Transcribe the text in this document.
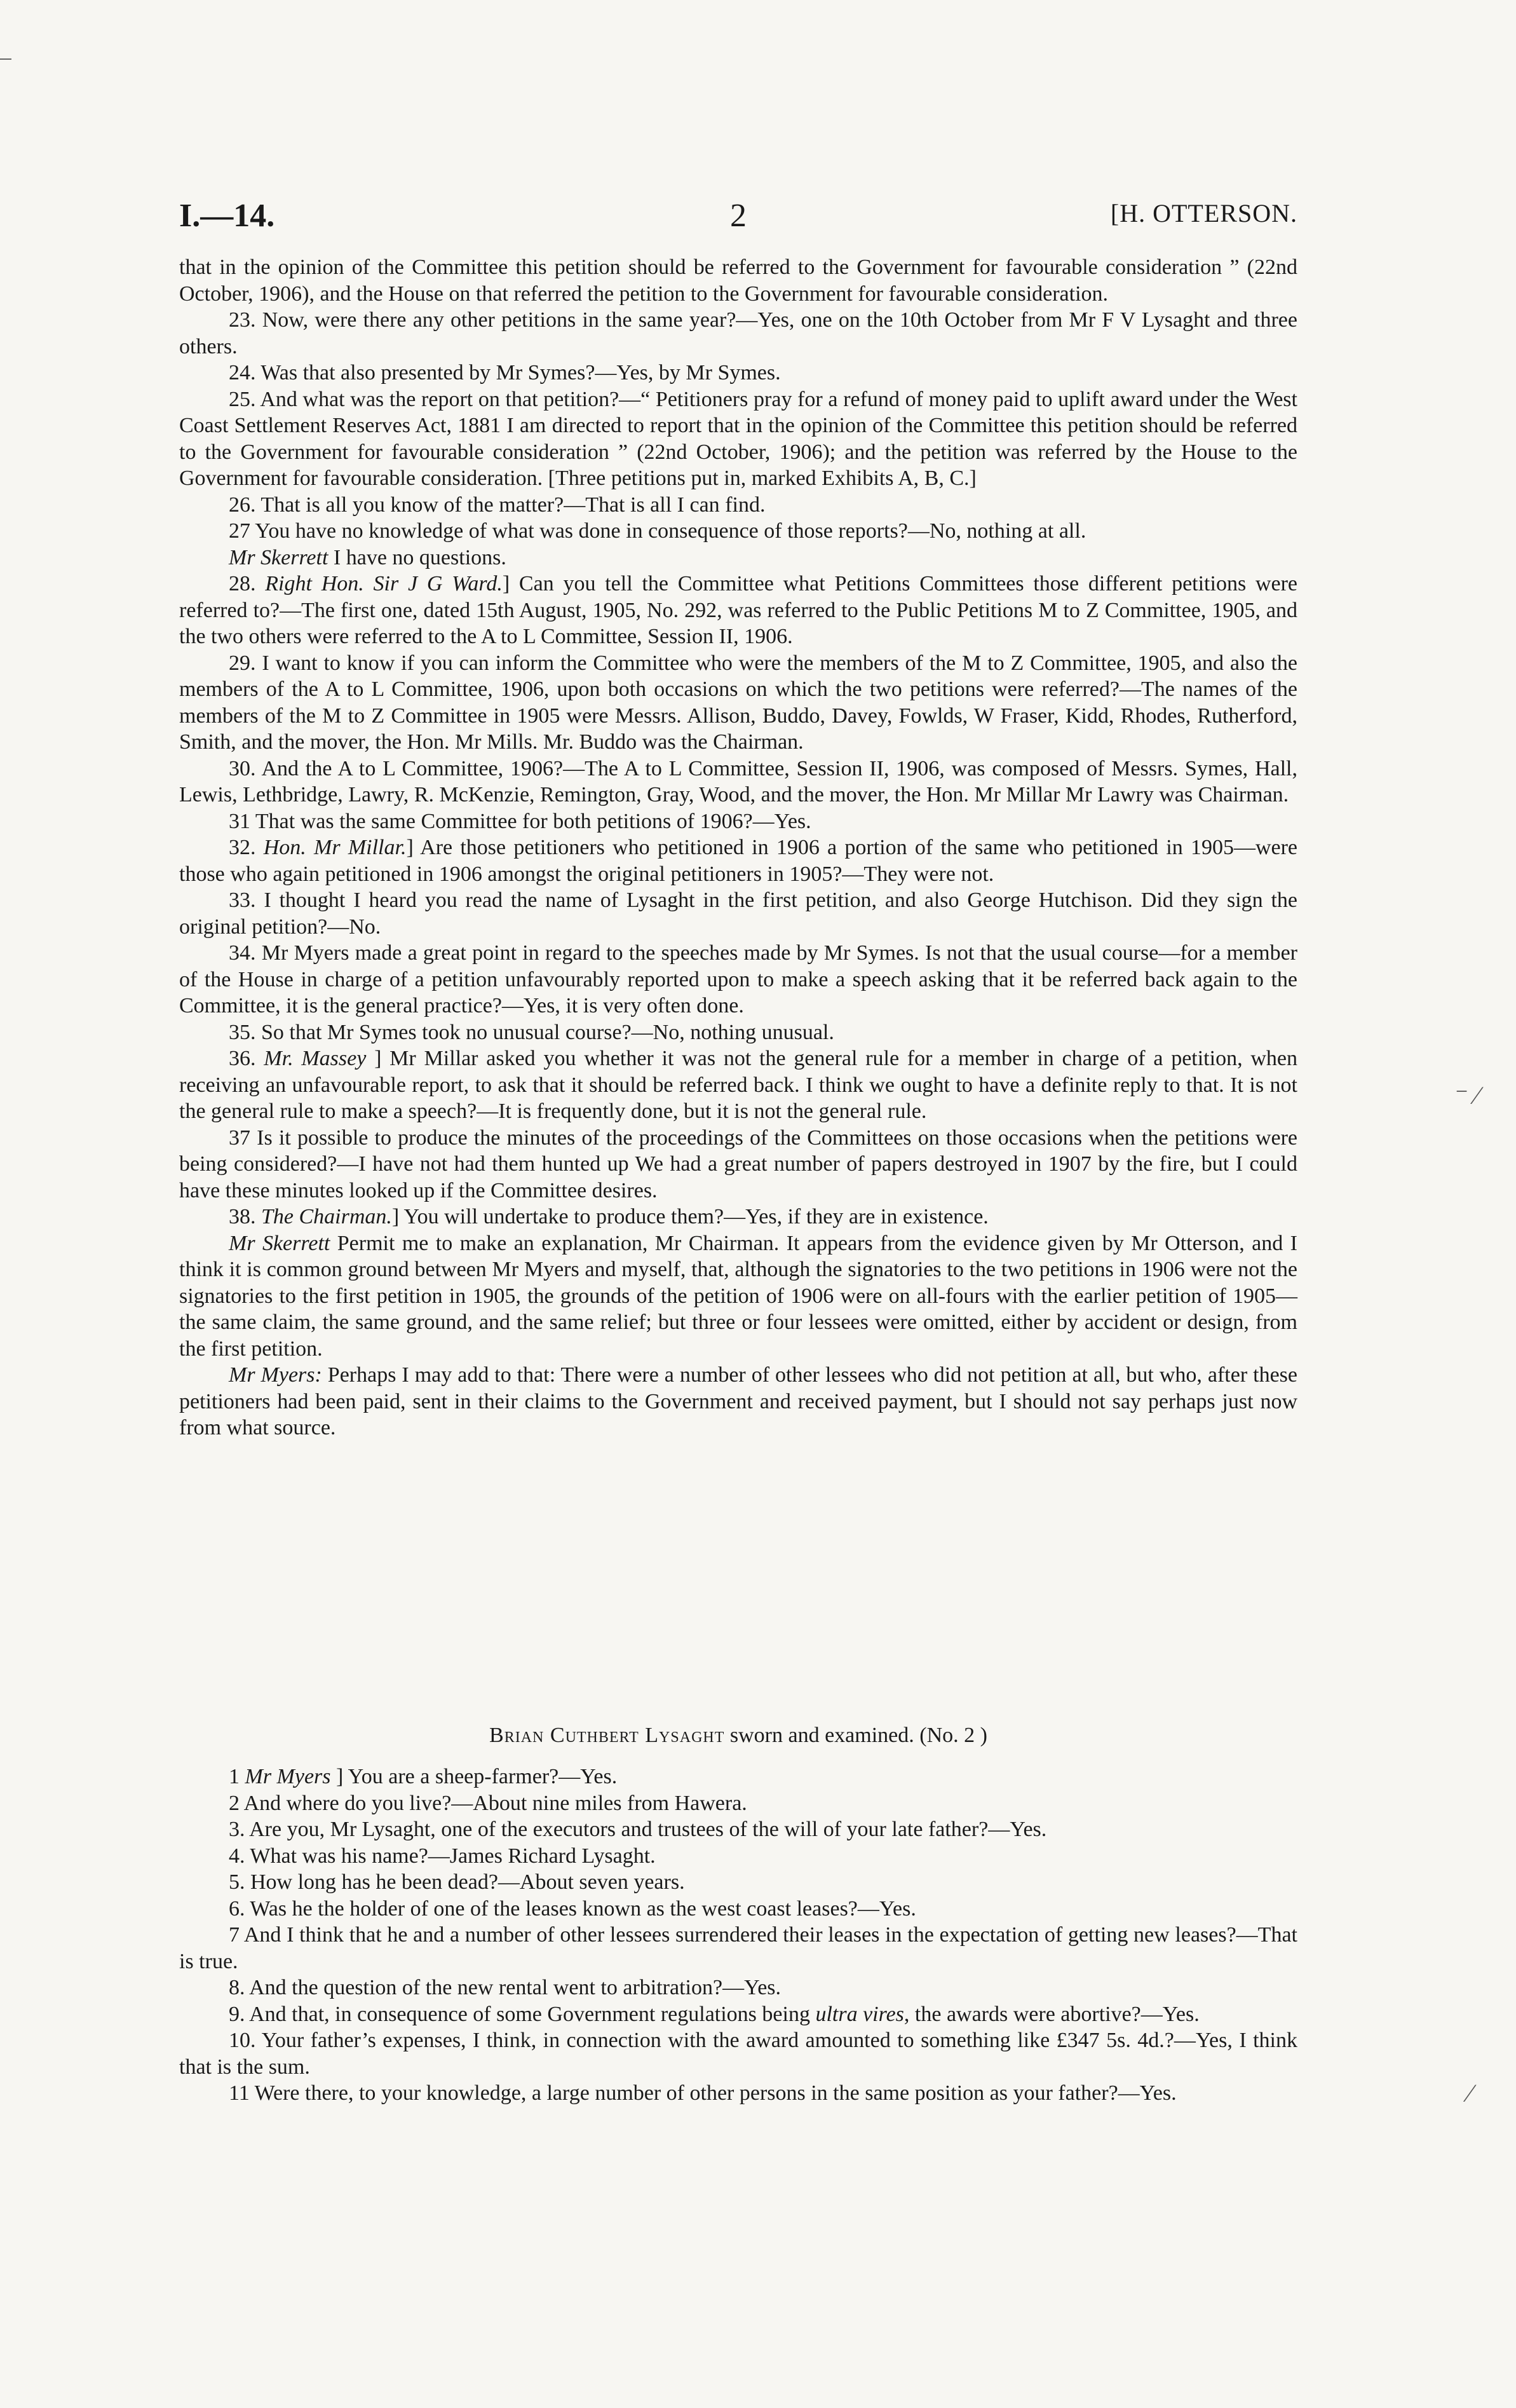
I.—14.	2	[H. OTTERSON.

that in the opinion of the Committee this petition should be referred to the Government for favourable consideration ” (22nd October, 1906), and the House on that referred the petition to the Government for favourable consideration.

23. Now, were there any other petitions in the same year?—Yes, one on the 10th October from Mr F V Lysaght and three others.

24. Was that also presented by Mr Symes?—Yes, by Mr Symes.

25. And what was the report on that petition?—“ Petitioners pray for a refund of money paid to uplift award under the West Coast Settlement Reserves Act, 1881 I am directed to report that in the opinion of the Committee this petition should be referred to the Government for favourable consideration ” (22nd October, 1906); and the petition was referred by the House to the Government for favourable consideration. [Three petitions put in, marked Exhibits A, B, C.]

26. That is all you know of the matter?—That is all I can find.

27 You have no knowledge of what was done in consequence of those reports?—No, nothing at all.

Mr Skerrett I have no questions.

28. Right Hon. Sir J G Ward.] Can you tell the Committee what Petitions Committees those different petitions were referred to?—The first one, dated 15th August, 1905, No. 292, was referred to the Public Petitions M to Z Committee, 1905, and the two others were referred to the A to L Committee, Session II, 1906.

29. I want to know if you can inform the Committee who were the members of the M to Z Committee, 1905, and also the members of the A to L Committee, 1906, upon both occasions on which the two petitions were referred?—The names of the members of the M to Z Committee in 1905 were Messrs. Allison, Buddo, Davey, Fowlds, W Fraser, Kidd, Rhodes, Rutherford, Smith, and the mover, the Hon. Mr Mills. Mr. Buddo was the Chairman.

30. And the A to L Committee, 1906?—The A to L Committee, Session II, 1906, was composed of Messrs. Symes, Hall, Lewis, Lethbridge, Lawry, R. McKenzie, Remington, Gray, Wood, and the mover, the Hon. Mr Millar Mr Lawry was Chairman.

31 That was the same Committee for both petitions of 1906?—Yes.

32. Hon. Mr Millar.] Are those petitioners who petitioned in 1906 a portion of the same who petitioned in 1905—were those who again petitioned in 1906 amongst the original petitioners in 1905?—They were not.

33. I thought I heard you read the name of Lysaght in the first petition, and also George Hutchison. Did they sign the original petition?—No.

34. Mr Myers made a great point in regard to the speeches made by Mr Symes. Is not that the usual course—for a member of the House in charge of a petition unfavourably reported upon to make a speech asking that it be referred back again to the Committee, it is the general practice?—Yes, it is very often done.

35. So that Mr Symes took no unusual course?—No, nothing unusual.

36. Mr. Massey ] Mr Millar asked you whether it was not the general rule for a member in charge of a petition, when receiving an unfavourable report, to ask that it should be referred back. I think we ought to have a definite reply to that. It is not the general rule to make a speech?—It is frequently done, but it is not the general rule.

37 Is it possible to produce the minutes of the proceedings of the Committees on those occasions when the petitions were being considered?—I have not had them hunted up We had a great number of papers destroyed in 1907 by the fire, but I could have these minutes looked up if the Committee desires.

38. The Chairman.] You will undertake to produce them?—Yes, if they are in existence.

Mr Skerrett Permit me to make an explanation, Mr Chairman. It appears from the evidence given by Mr Otterson, and I think it is common ground between Mr Myers and myself, that, although the signatories to the two petitions in 1906 were not the signatories to the first petition in 1905, the grounds of the petition of 1906 were on all-fours with the earlier petition of 1905—the same claim, the same ground, and the same relief; but three or four lessees were omitted, either by accident or design, from the first petition.

Mr Myers: Perhaps I may add to that: There were a number of other lessees who did not petition at all, but who, after these petitioners had been paid, sent in their claims to the Government and received payment, but I should not say perhaps just now from what source.

Brian Cuthbert Lysaght sworn and examined. (No. 2 )

1 Mr Myers ] You are a sheep-farmer?—Yes.

2 And where do you live?—About nine miles from Hawera.

3. Are you, Mr Lysaght, one of the executors and trustees of the will of your late father?—Yes.

4. What was his name?—James Richard Lysaght.

5. How long has he been dead?—About seven years.

6. Was he the holder of one of the leases known as the west coast leases?—Yes.

7 And I think that he and a number of other lessees surrendered their leases in the expectation of getting new leases?—That is true.

8. And the question of the new rental went to arbitration?—Yes.

9. And that, in consequence of some Government regulations being ultra vires, the awards were abortive?—Yes.

10. Your father’s expenses, I think, in connection with the award amounted to something like £347 5s. 4d.?—Yes, I think that is the sum.

11 Were there, to your knowledge, a large number of other persons in the same position as your father?—Yes.

⁻ ⁄
⁄
